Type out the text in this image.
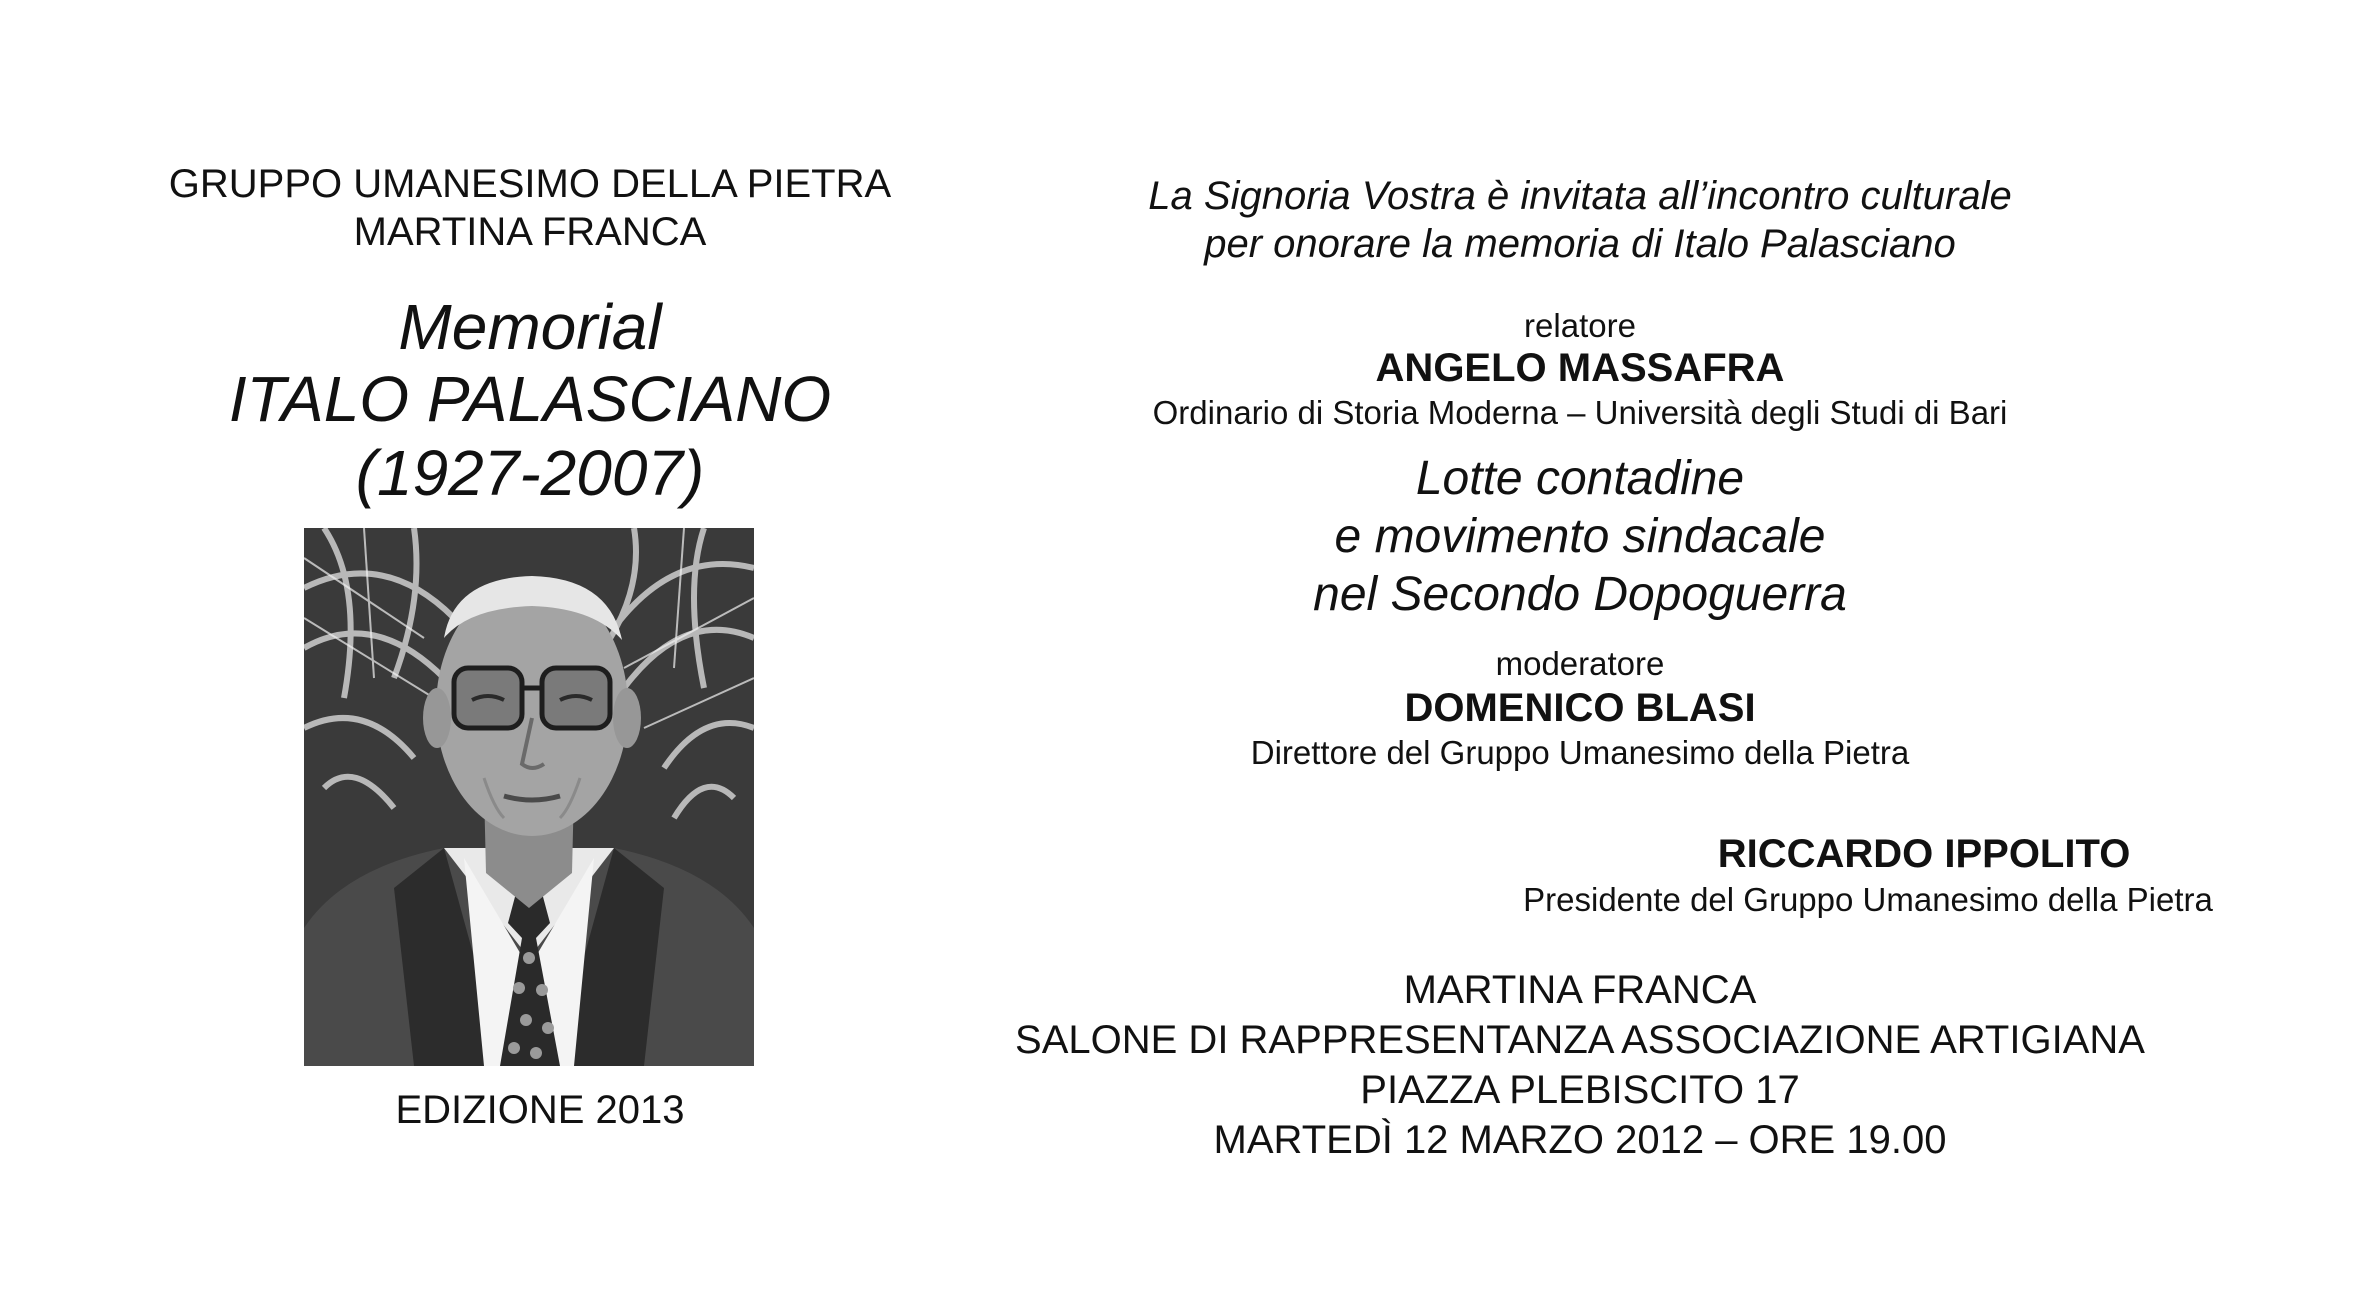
GRUPPO UMANESIMO DELLA PIETRA
MARTINA FRANCA
Memorial
ITALO PALASCIANO
(1927-2007)
EDIZIONE 2013
La Signoria Vostra è invitata all’incontro culturale
per onorare la memoria di Italo Palasciano
relatore
ANGELO MASSAFRA
Ordinario di Storia Moderna – Università degli Studi di Bari
Lotte contadine
e movimento sindacale
nel Secondo Dopoguerra
moderatore
DOMENICO BLASI
Direttore del Gruppo Umanesimo della Pietra
RICCARDO IPPOLITO
Presidente del Gruppo Umanesimo della Pietra
MARTINA FRANCA
SALONE DI RAPPRESENTANZA ASSOCIAZIONE ARTIGIANA
PIAZZA PLEBISCITO 17
MARTEDÌ 12 MARZO 2012 – ORE 19.00
